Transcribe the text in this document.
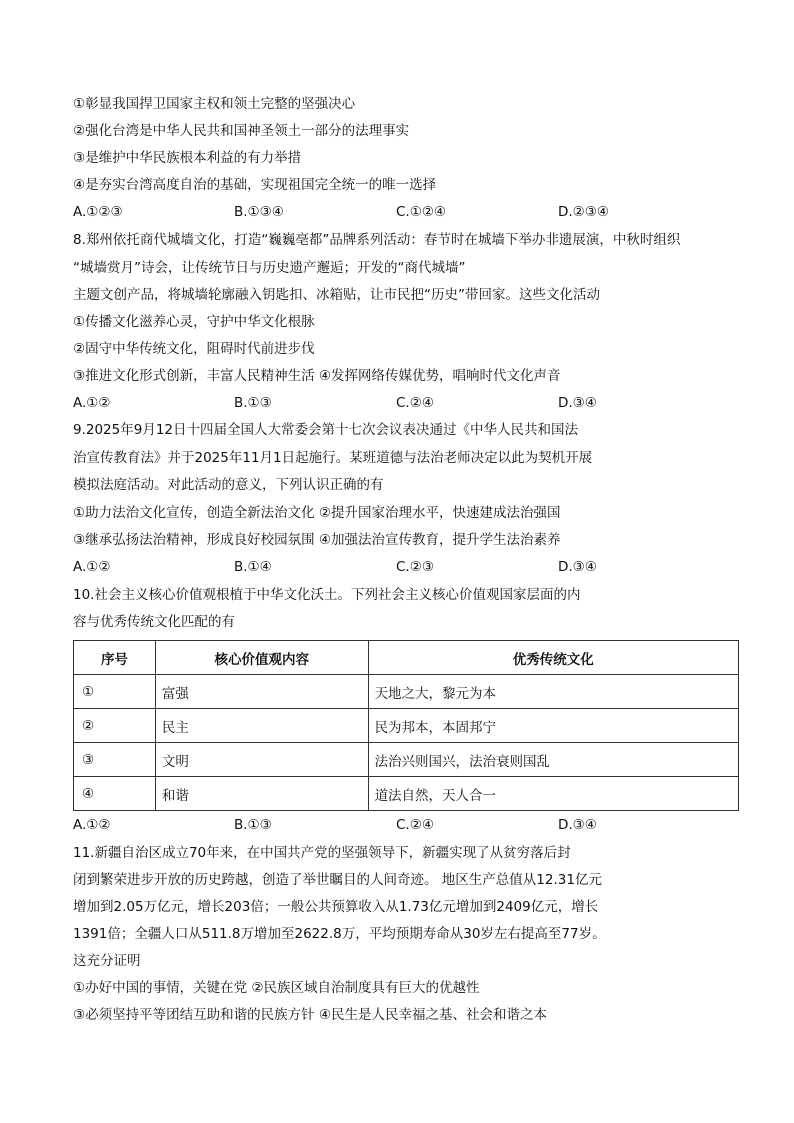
①彰显我国捍卫国家主权和领土完整的坚强决心
②强化台湾是中华人民共和国神圣领土一部分的法理事实
③是维护中华民族根本利益的有力举措
④是夯实台湾高度自治的基础，实现祖国完全统一的唯一选择
A.①②③	B.①③④	C.①②④	D.②③④
8.郑州依托商代城墙文化，打造“巍巍亳都”品牌系列活动：春节时在城墙下举办非遗展演，中秋时组织
“城墙赏月”诗会，让传统节日与历史遗产邂逅；开发的“商代城墙”
主题文创产品，将城墙轮廓融入钥匙扣、冰箱贴，让市民把“历史”带回家。这些文化活动
①传播文化滋养心灵，守护中华文化根脉
②固守中华传统文化，阻碍时代前进步伐
③推进文化形式创新，丰富人民精神生活 ④发挥网络传媒优势，唱响时代文化声音
A.①②	B.①③	C.②④	D.③④
9.2025年9月12日十四届全国人大常委会第十七次会议表决通过《中华人民共和国法
治宣传教育法》并于2025年11月1日起施行。某班道德与法治老师决定以此为契机开展
模拟法庭活动。对此活动的意义，下列认识正确的有
①助力法治文化宣传，创造全新法治文化 ②提升国家治理水平，快速建成法治强国
③继承弘扬法治精神，形成良好校园氛围 ④加强法治宣传教育，提升学生法治素养
A.①②	B.①④	C.②③	D.③④
10.社会主义核心价值观根植于中华文化沃土。下列社会主义核心价值观国家层面的内
容与优秀传统文化匹配的有
序号	核心价值观内容	优秀传统文化
①	富强	天地之大，黎元为本
②	民主	民为邦本，本固邦宁
③	文明	法治兴则国兴，法治衰则国乱
④	和谐	道法自然，天人合一
A.①②	B.①③	C.②④	D.③④
11.新疆自治区成立70年来，在中国共产党的坚强领导下，新疆实现了从贫穷落后封
闭到繁荣进步开放的历史跨越，创造了举世瞩目的人间奇迹。 地区生产总值从12.31亿元
增加到2.05万亿元，增长203倍；一般公共预算收入从1.73亿元增加到2409亿元，增长
1391倍；全疆人口从511.8万增加至2622.8万，平均预期寿命从30岁左右提高至77岁。
这充分证明
①办好中国的事情，关键在党 ②民族区域自治制度具有巨大的优越性
③必须坚持平等团结互助和谐的民族方针 ④民生是人民幸福之基、社会和谐之本
